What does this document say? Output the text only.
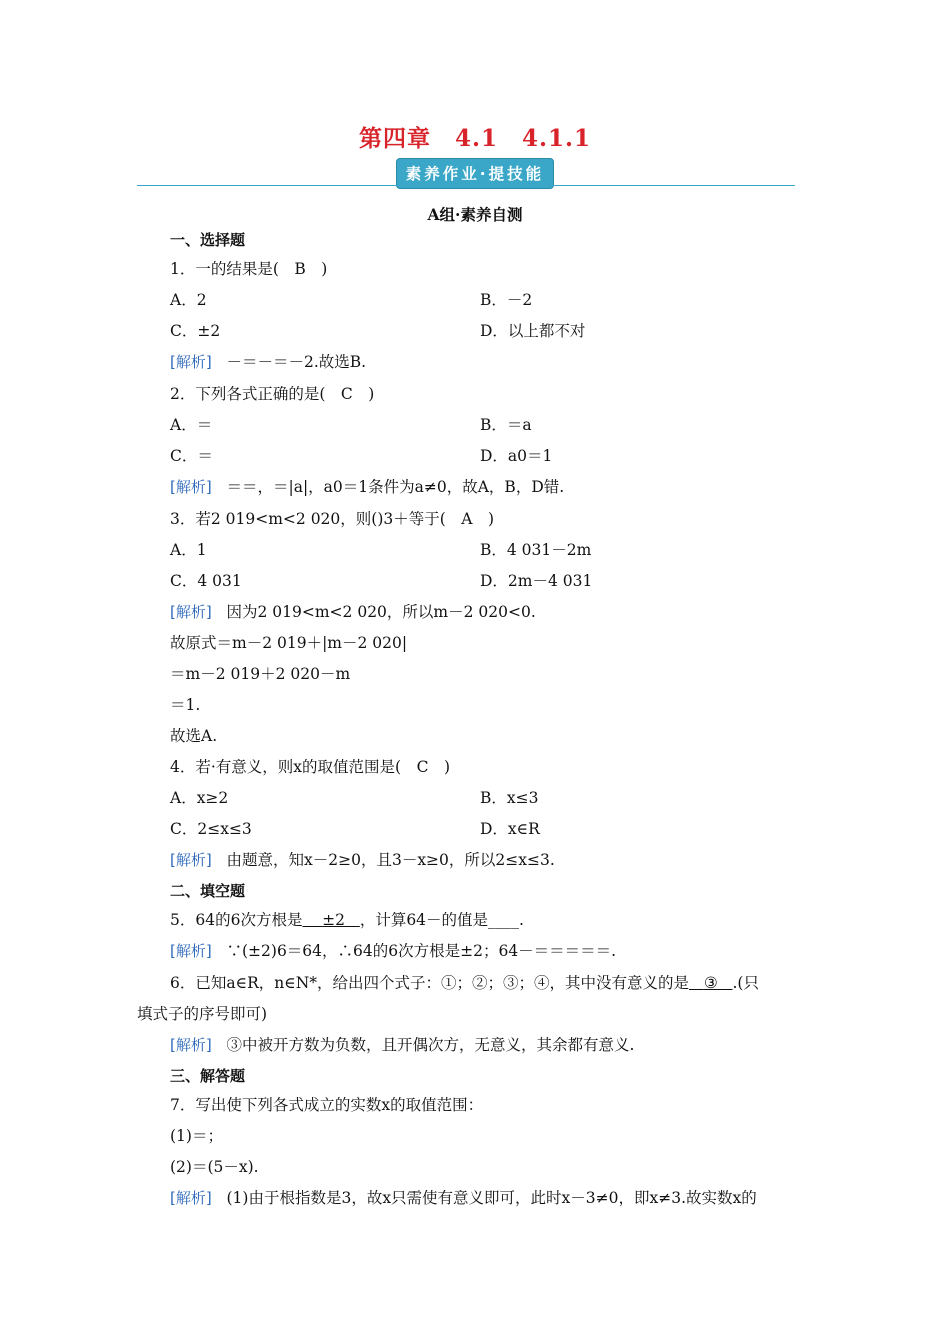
第四章　4.1　4.1.1
素养作业·提技能
A组·素养自测
一、选择题
1．一的结果是(　B　)
A．2	B．－2
C．±2	D．以上都不对
[解析] －＝－＝－2.故选B.
2．下列各式正确的是(　C　)
A．＝	B．＝a
C．＝	D．a0＝1
[解析] ＝＝，＝|a|，a0＝1条件为a≠0，故A，B，D错.
3．若2 019<m<2 020，则()3＋等于(　A　)
A．1	B．4 031－2m
C．4 031	D．2m－4 031
[解析] 因为2 019<m<2 020，所以m－2 020<0.
故原式＝m－2 019＋|m－2 020|
＝m－2 019＋2 020－m
＝1.
故选A.
4．若·有意义，则x的取值范围是(　C　)
A．x≥2	B．x≤3
C．2≤x≤3	D．x∈R
[解析] 由题意，知x－2≥0，且3－x≥0，所以2≤x≤3.
二、填空题
5．64的6次方根是 ±2 ，计算64－的值是____.
[解析] ∵(±2)6＝64，∴64的6次方根是±2；64－＝＝＝＝＝.
6．已知a∈R，n∈N*，给出四个式子：①；②；③；④，其中没有意义的是 ③ .(只
填式子的序号即可)
[解析] ③中被开方数为负数，且开偶次方，无意义，其余都有意义.
三、解答题
7．写出使下列各式成立的实数x的取值范围：
(1)＝；
(2)＝(5－x).
[解析] (1)由于根指数是3，故x只需使有意义即可，此时x－3≠0，即x≠3.故实数x的
